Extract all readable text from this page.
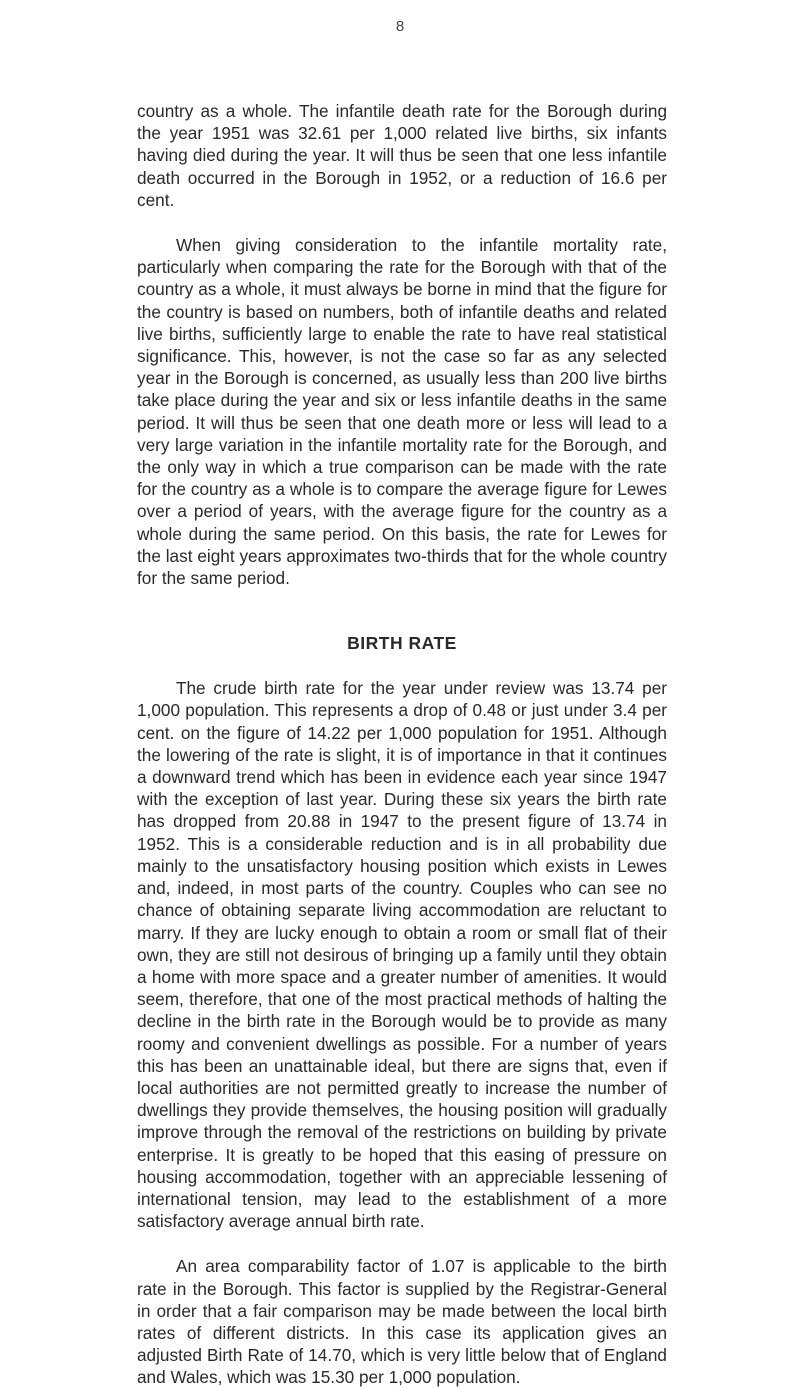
8

country as a whole. The infantile death rate for the Borough during the year 1951 was 32.61 per 1,000 related live births, six infants having died during the year. It will thus be seen that one less infantile death occurred in the Borough in 1952, or a reduction of 16.6 per cent.

When giving consideration to the infantile mortality rate, particularly when comparing the rate for the Borough with that of the country as a whole, it must always be borne in mind that the figure for the country is based on numbers, both of infantile deaths and related live births, sufficiently large to enable the rate to have real statistical significance. This, however, is not the case so far as any selected year in the Borough is concerned, as usually less than 200 live births take place during the year and six or less infantile deaths in the same period. It will thus be seen that one death more or less will lead to a very large variation in the infantile mortality rate for the Borough, and the only way in which a true comparison can be made with the rate for the country as a whole is to compare the average figure for Lewes over a period of years, with the average figure for the country as a whole during the same period. On this basis, the rate for Lewes for the last eight years approximates two-thirds that for the whole country for the same period.

BIRTH RATE

The crude birth rate for the year under review was 13.74 per 1,000 population. This represents a drop of 0.48 or just under 3.4 per cent. on the figure of 14.22 per 1,000 population for 1951. Although the lowering of the rate is slight, it is of importance in that it continues a downward trend which has been in evidence each year since 1947 with the exception of last year. During these six years the birth rate has dropped from 20.88 in 1947 to the present figure of 13.74 in 1952. This is a considerable reduction and is in all probability due mainly to the unsatisfactory housing position which exists in Lewes and, indeed, in most parts of the country. Couples who can see no chance of obtaining separate living accommodation are reluctant to marry. If they are lucky enough to obtain a room or small flat of their own, they are still not desirous of bringing up a family until they obtain a home with more space and a greater number of amenities. It would seem, therefore, that one of the most practical methods of halting the decline in the birth rate in the Borough would be to provide as many roomy and convenient dwellings as possible. For a number of years this has been an unattainable ideal, but there are signs that, even if local authorities are not permitted greatly to increase the number of dwellings they provide themselves, the housing position will gradually improve through the removal of the restrictions on building by private enterprise. It is greatly to be hoped that this easing of pressure on housing accommodation, together with an appreciable lessening of international tension, may lead to the establishment of a more satisfactory average annual birth rate.

An area comparability factor of 1.07 is applicable to the birth rate in the Borough. This factor is supplied by the Registrar-General in order that a fair comparison may be made between the local birth rates of different districts. In this case its application gives an adjusted Birth Rate of 14.70, which is very little below that of England and Wales, which was 15.30 per 1,000 population.
